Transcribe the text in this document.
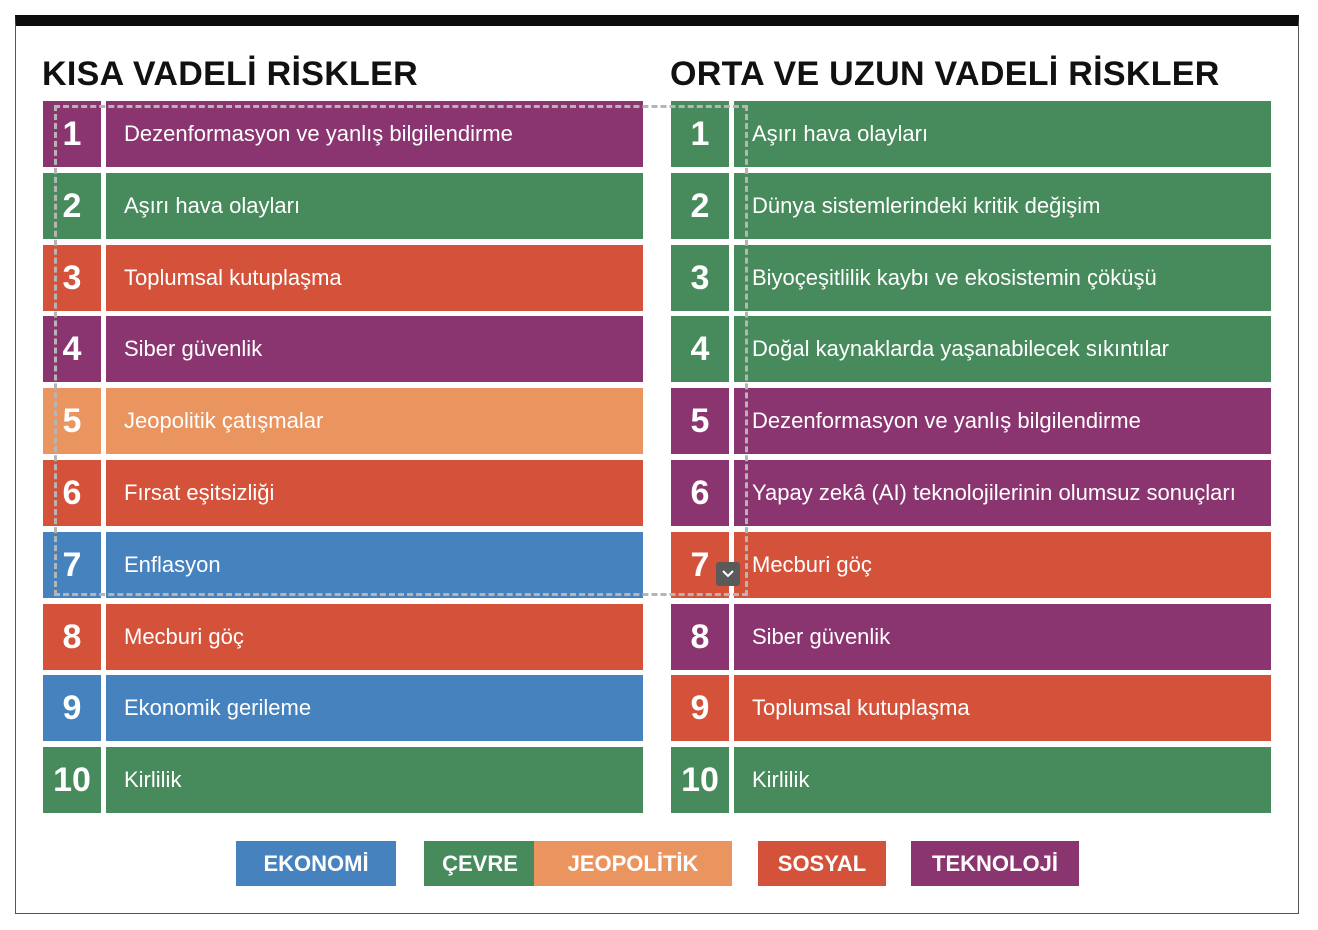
KISA VADELİ RİSKLER	ORTA VE UZUN VADELİ RİSKLER
1	Dezenformasyon ve yanlış bilgilendirme
2	Aşırı hava olayları
3	Toplumsal kutuplaşma
4	Siber güvenlik
5	Jeopolitik çatışmalar
6	Fırsat eşitsizliği
7	Enflasyon
8	Mecburi göç
9	Ekonomik gerileme
10	Kirlilik
1	Aşırı hava olayları
2	Dünya sistemlerindeki kritik değişim
3	Biyoçeşitlilik kaybı ve ekosistemin çöküşü
4	Doğal kaynaklarda yaşanabilecek sıkıntılar
5	Dezenformasyon ve yanlış bilgilendirme
6	Yapay zekâ (AI) teknolojilerinin olumsuz sonuçları
7	Mecburi göç
8	Siber güvenlik
9	Toplumsal kutuplaşma
10	Kirlilik
EKONOMİ	ÇEVRE	JEOPOLİTİK	SOSYAL	TEKNOLOJİ
